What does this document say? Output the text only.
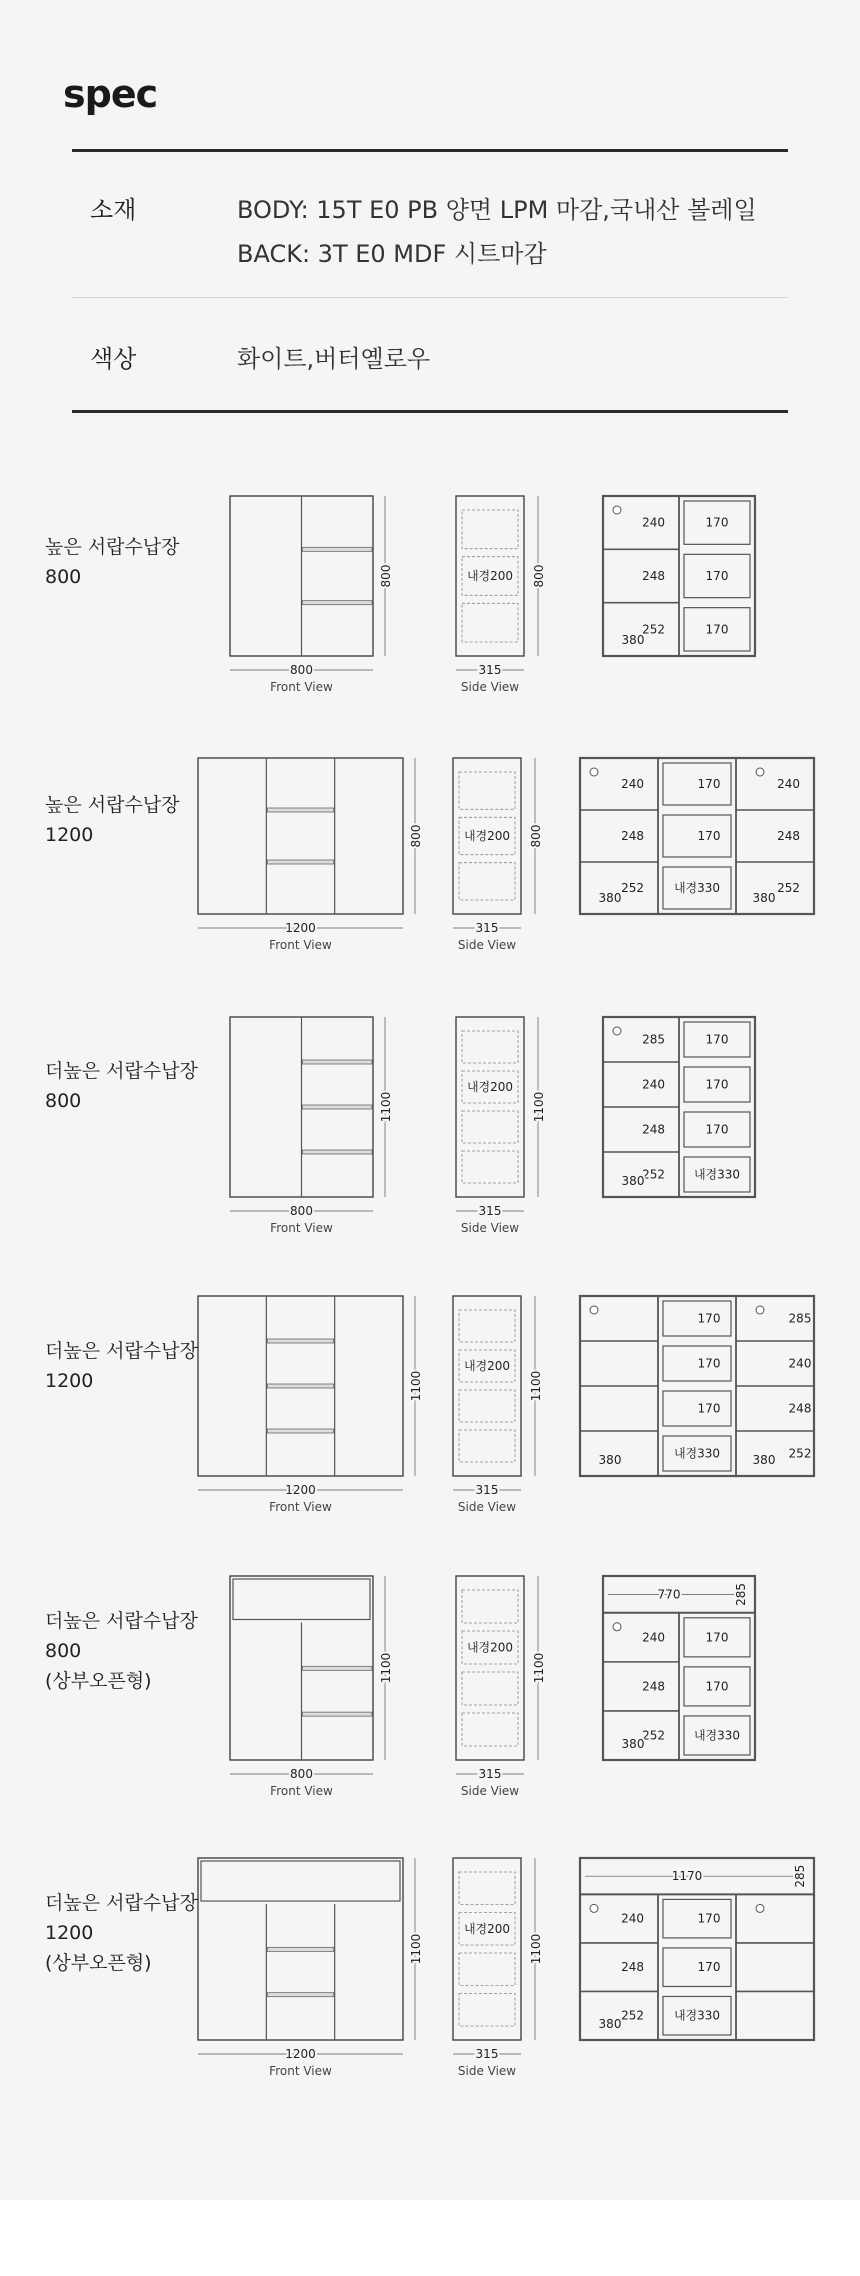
spec
소재	BODY: 15T E0 PB 양면 LPM 마감,국내산 볼레일
BACK: 3T E0 MDF 시트마감
색상	화이트,버터옐로우
높은 서랍수납장
800
높은 서랍수납장
1200
더높은 서랍수납장
800
더높은 서랍수납장
1200
더높은 서랍수납장
800
(상부오픈형)
더높은 서랍수납장
1200
(상부오픈형)
800
Front View
800	내경200
315
Side View
800
240
248
252
380
170
170
170
1200
Front View
800	내경200
315
Side View
800
240
248
252
380
170
170
내경330
240
248
252
380
800
Front View
1100
내경200
315
Side View
1100
285
240
248
252
380
170
170
170
내경330
1200
Front View
1100
내경200
315
Side View
1100
380
170
170
170
내경330
285
240
248
252
380
800
Front View
1100
내경200
315
Side View
1100
770	285
240
248
252
380
170
170
내경330
1200
Front View
1100
내경200
315
Side View
1100
1170	285
240
248
252
380
170
170
내경330
